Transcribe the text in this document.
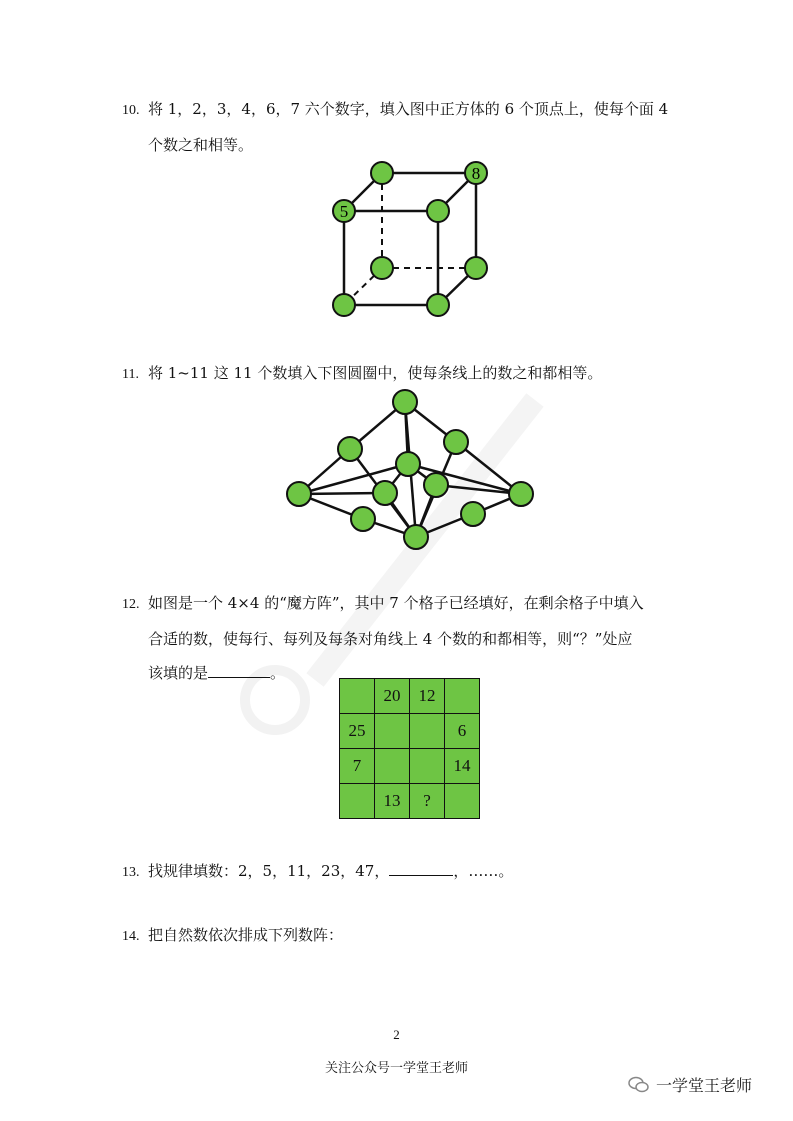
10. 将 1，2，3，4，6，7 六个数字，填入图中正方体的 6 个顶点上，使每个面 4
个数之和相等。
5
8
11. 将 1~11 这 11 个数填入下图圆圈中，使每条线上的数之和都相等。
12. 如图是一个 4×4 的“魔方阵”，其中 7 个格子已经填好，在剩余格子中填入
合适的数，使每行、每列及每条对角线上 4 个数的和都相等，则“？”处应
该填的是	。
	20	12	
25			6
7			14
	13	?	
13. 找规律填数：2，5，11，23，47，	，……。
14. 把自然数依次排成下列数阵：
2
关注公众号一学堂王老师
一学堂王老师
